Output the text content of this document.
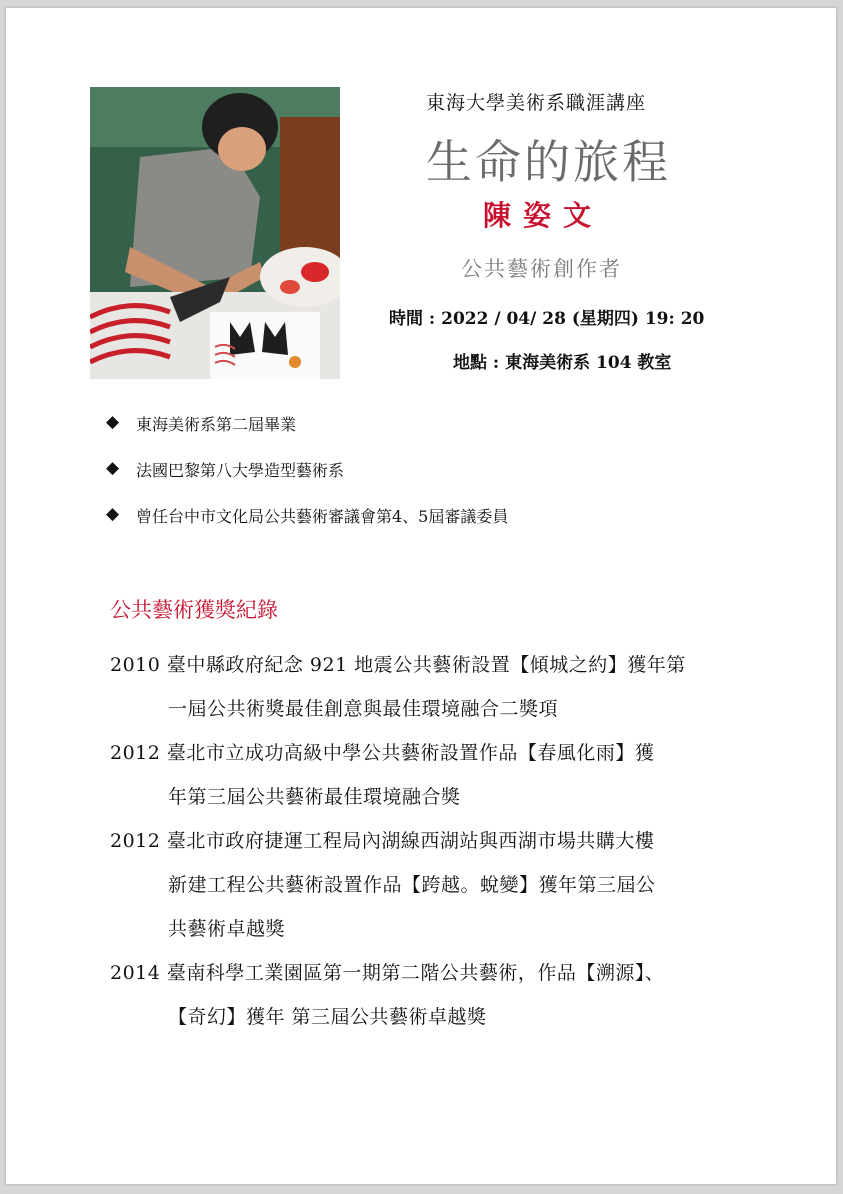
東海大學美術系職涯講座
生命的旅程
陳姿文
公共藝術創作者
時間 : 2022 / 04/ 28 (星期四) 19: 20
地點 : 東海美術系 104 教室
◆	東海美術系第二屆畢業
◆	法國巴黎第八大學造型藝術系
◆	曾任台中市文化局公共藝術審議會第4、5屆審議委員
公共藝術獲獎紀錄
2010 臺中縣政府紀念 921 地震公共藝術設置【傾城之約】獲年第
一屆公共術獎最佳創意與最佳環境融合二獎項
2012 臺北市立成功高級中學公共藝術設置作品【春風化雨】獲
年第三屆公共藝術最佳環境融合獎
2012 臺北市政府捷運工程局內湖線西湖站與西湖市場共購大樓
新建工程公共藝術設置作品【跨越。蛻變】獲年第三屆公
共藝術卓越獎
2014 臺南科學工業園區第一期第二階公共藝術，作品【溯源】、
【奇幻】獲年 第三屆公共藝術卓越獎
